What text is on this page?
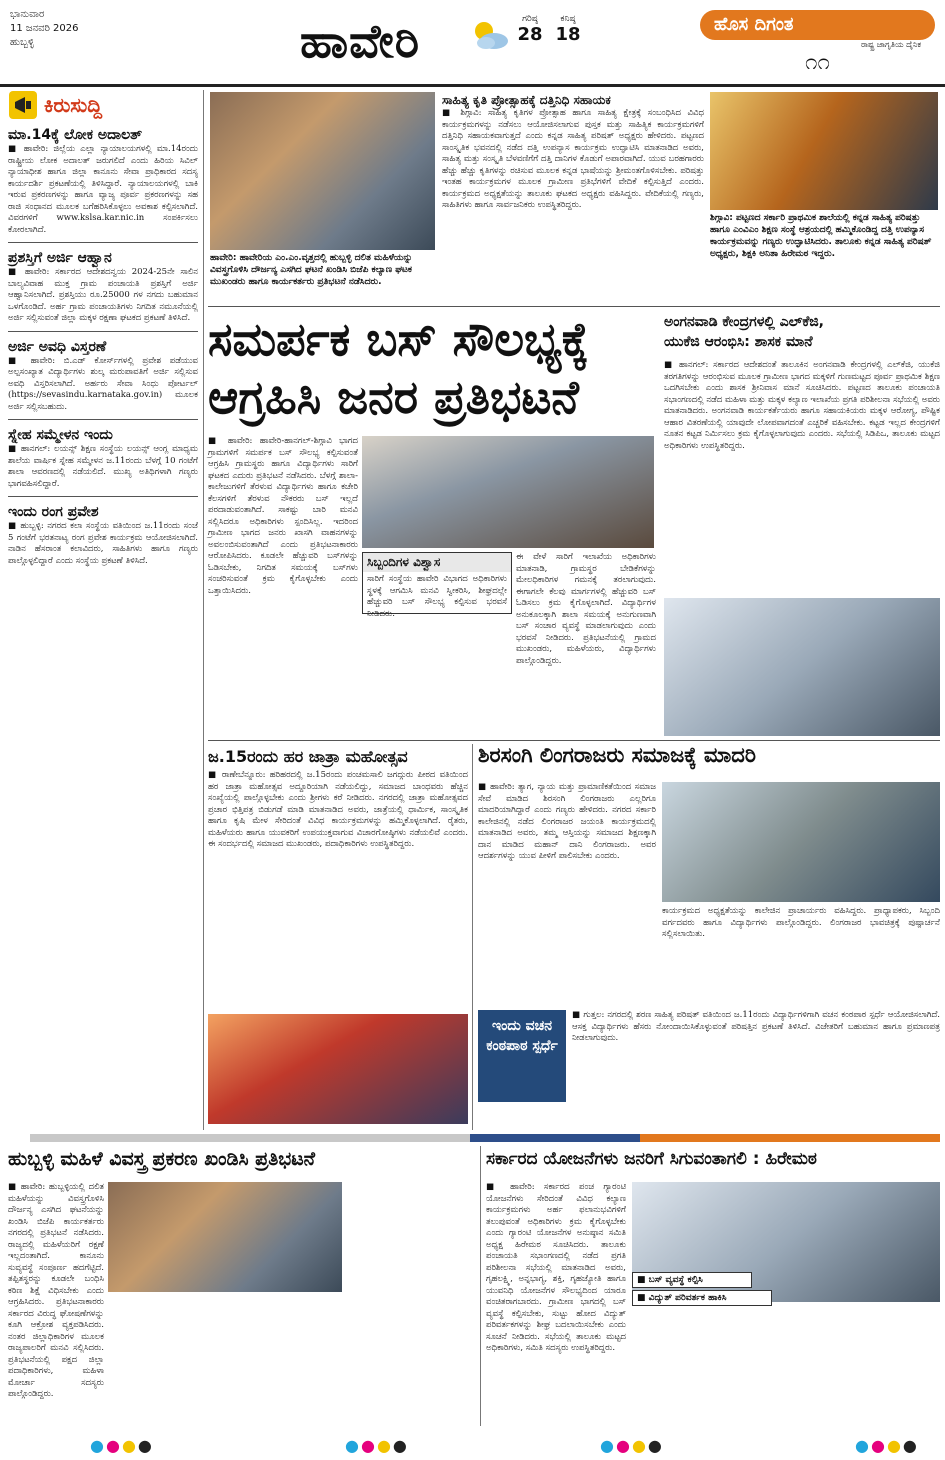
ಭಾನುವಾರ
11 ಜನವರಿ 2026
ಹುಬ್ಬಳ್ಳಿ	ಹಾವೇರಿ	ಗರಿಷ್ಠ
28
ಕನಿಷ್ಠ
18	ಹೊಸ ದಿಗಂತ
ರಾಷ್ಟ್ರ ಜಾಗೃತಿಯ ದೈನಿಕ
೧೧
ಕಿರುಸುದ್ದಿ
ಮಾ.14ಕ್ಕೆ ಲೋಕ ಅದಾಲತ್
■ ಹಾವೇರಿ: ಜಿಲ್ಲೆಯ ಎಲ್ಲಾ ನ್ಯಾಯಾಲಯಗಳಲ್ಲಿ ಮಾ.14ರಂದು ರಾಷ್ಟ್ರೀಯ ಲೋಕ ಅದಾಲತ್ ಜರುಗಲಿದೆ ಎಂದು ಹಿರಿಯ ಸಿವಿಲ್ ನ್ಯಾಯಾಧೀಶ ಹಾಗೂ ಜಿಲ್ಲಾ ಕಾನೂನು ಸೇವಾ ಪ್ರಾಧಿಕಾರದ ಸದಸ್ಯ ಕಾರ್ಯದರ್ಶಿ ಪ್ರಕಟಣೆಯಲ್ಲಿ ತಿಳಿಸಿದ್ದಾರೆ. ನ್ಯಾಯಾಲಯಗಳಲ್ಲಿ ಬಾಕಿ ಇರುವ ಪ್ರಕರಣಗಳನ್ನು ಹಾಗೂ ವ್ಯಾಜ್ಯ ಪೂರ್ವ ಪ್ರಕರಣಗಳನ್ನು ಸಹ ರಾಜಿ ಸಂಧಾನದ ಮೂಲಕ ಬಗೆಹರಿಸಿಕೊಳ್ಳಲು ಅವಕಾಶ ಕಲ್ಪಿಸಲಾಗಿದೆ. ವಿವರಗಳಿಗೆ www.kslsa.kar.nic.in ಸಂಪರ್ಕಿಸಲು ಕೋರಲಾಗಿದೆ.
ಪ್ರಶಸ್ತಿಗೆ ಅರ್ಜಿ ಆಹ್ವಾನ
■ ಹಾವೇರಿ: ಸರ್ಕಾರದ ಆದೇಶದನ್ವಯ 2024-25ನೇ ಸಾಲಿನ ಬಾಲ್ಯವಿವಾಹ ಮುಕ್ತ ಗ್ರಾಮ ಪಂಚಾಯತಿ ಪ್ರಶಸ್ತಿಗೆ ಅರ್ಜಿ ಆಹ್ವಾನಿಸಲಾಗಿದೆ. ಪ್ರಶಸ್ತಿಯು ರೂ.25000 ಗಳ ನಗದು ಬಹುಮಾನ ಒಳಗೊಂಡಿದೆ. ಅರ್ಹ ಗ್ರಾಮ ಪಂಚಾಯತಿಗಳು ನಿಗದಿತ ನಮೂನೆಯಲ್ಲಿ ಅರ್ಜಿ ಸಲ್ಲಿಸುವಂತೆ ಜಿಲ್ಲಾ ಮಕ್ಕಳ ರಕ್ಷಣಾ ಘಟಕದ ಪ್ರಕಟಣೆ ತಿಳಿಸಿದೆ.
ಅರ್ಜಿ ಅವಧಿ ವಿಸ್ತರಣೆ
■ ಹಾವೇರಿ: ಬಿ.ಎಡ್ ಕೋರ್ಸ್‌ಗಳಲ್ಲಿ ಪ್ರವೇಶ ಪಡೆಯುವ ಅಲ್ಪಸಂಖ್ಯಾತ ವಿದ್ಯಾರ್ಥಿಗಳು ಶುಲ್ಕ ಮರುಪಾವತಿಗೆ ಅರ್ಜಿ ಸಲ್ಲಿಸುವ ಅವಧಿ ವಿಸ್ತರಿಸಲಾಗಿದೆ. ಅರ್ಹರು ಸೇವಾ ಸಿಂಧು ಪೋರ್ಟಲ್ (https://sevasindu.karnataka.gov.in) ಮೂಲಕ ಅರ್ಜಿ ಸಲ್ಲಿಸಬಹುದು.
ಸ್ನೇಹ ಸಮ್ಮೇಳನ ಇಂದು
■ ಹಾನಗಲ್: ಲಯನ್ಸ್ ಶಿಕ್ಷಣ ಸಂಸ್ಥೆಯ ಲಯನ್ಸ್ ಆಂಗ್ಲ ಮಾಧ್ಯಮ ಶಾಲೆಯ ವಾರ್ಷಿಕ ಸ್ನೇಹ ಸಮ್ಮೇಳನ ಜ.11ರಂದು ಬೆಳಗ್ಗೆ 10 ಗಂಟೆಗೆ ಶಾಲಾ ಆವರಣದಲ್ಲಿ ನಡೆಯಲಿದೆ. ಮುಖ್ಯ ಅತಿಥಿಗಳಾಗಿ ಗಣ್ಯರು ಭಾಗವಹಿಸಲಿದ್ದಾರೆ.
ಇಂದು ರಂಗ ಪ್ರವೇಶ
■ ಹುಬ್ಬಳ್ಳಿ: ನಗರದ ಕಲಾ ಸಂಸ್ಥೆಯ ವತಿಯಿಂದ ಜ.11ರಂದು ಸಂಜೆ 5 ಗಂಟೆಗೆ ಭರತನಾಟ್ಯ ರಂಗ ಪ್ರವೇಶ ಕಾರ್ಯಕ್ರಮ ಆಯೋಜಿಸಲಾಗಿದೆ. ನಾಡಿನ ಹೆಸರಾಂತ ಕಲಾವಿದರು, ಸಾಹಿತಿಗಳು ಹಾಗೂ ಗಣ್ಯರು ಪಾಲ್ಗೊಳ್ಳಲಿದ್ದಾರೆ ಎಂದು ಸಂಸ್ಥೆಯ ಪ್ರಕಟಣೆ ತಿಳಿಸಿದೆ.
ಹಾವೇರಿ: ಹಾವೇರಿಯ ಎಂ.ಎಂ.ವೃತ್ತದಲ್ಲಿ ಹುಬ್ಬಳ್ಳಿ ದಲಿತ ಮಹಿಳೆಯನ್ನು ವಿವಸ್ತ್ರಗೊಳಿಸಿ ದೌರ್ಜನ್ಯ ಎಸಗಿದ ಘಟನೆ ಖಂಡಿಸಿ ಬಿಜೆಪಿ ಕಲ್ಯಾಣ ಘಟಕ ಮುಖಂಡರು ಹಾಗೂ ಕಾರ್ಯಕರ್ತರು ಪ್ರತಿಭಟನೆ ನಡೆಸಿದರು.
ಸಾಹಿತ್ಯ ಕೃತಿ ಪ್ರೋತ್ಸಾಹಕ್ಕೆ ದತ್ತಿನಿಧಿ ಸಹಾಯಕ
■ ಶಿಗ್ಗಾವಿ: ಸಾಹಿತ್ಯ ಕೃತಿಗಳ ಪ್ರೋತ್ಸಾಹ ಹಾಗೂ ಸಾಹಿತ್ಯ ಕ್ಷೇತ್ರಕ್ಕೆ ಸಂಬಂಧಿಸಿದ ವಿವಿಧ ಕಾರ್ಯಕ್ರಮಗಳನ್ನು ನಡೆಸಲು ಆಯೋಜಿಸಲಾಗುವ ಪುಸ್ತಕ ಮತ್ತು ಸಾಹಿತ್ಯಿಕ ಕಾರ್ಯಕ್ರಮಗಳಿಗೆ ದತ್ತಿನಿಧಿ ಸಹಾಯಕವಾಗುತ್ತದೆ ಎಂದು ಕನ್ನಡ ಸಾಹಿತ್ಯ ಪರಿಷತ್ ಅಧ್ಯಕ್ಷರು ಹೇಳಿದರು. ಪಟ್ಟಣದ ಸಾಂಸ್ಕೃತಿಕ ಭವನದಲ್ಲಿ ನಡೆದ ದತ್ತಿ ಉಪನ್ಯಾಸ ಕಾರ್ಯಕ್ರಮ ಉದ್ಘಾಟಿಸಿ ಮಾತನಾಡಿದ ಅವರು, ಸಾಹಿತ್ಯ ಮತ್ತು ಸಂಸ್ಕೃತಿ ಬೆಳವಣಿಗೆಗೆ ದತ್ತಿ ದಾನಿಗಳ ಕೊಡುಗೆ ಅಪಾರವಾಗಿದೆ. ಯುವ ಬರಹಗಾರರು ಹೆಚ್ಚು ಹೆಚ್ಚು ಕೃತಿಗಳನ್ನು ರಚಿಸುವ ಮೂಲಕ ಕನ್ನಡ ಭಾಷೆಯನ್ನು ಶ್ರೀಮಂತಗೊಳಿಸಬೇಕು. ಪರಿಷತ್ತು ಇಂತಹ ಕಾರ್ಯಕ್ರಮಗಳ ಮೂಲಕ ಗ್ರಾಮೀಣ ಪ್ರತಿಭೆಗಳಿಗೆ ವೇದಿಕೆ ಕಲ್ಪಿಸುತ್ತಿದೆ ಎಂದರು. ಕಾರ್ಯಕ್ರಮದ ಅಧ್ಯಕ್ಷತೆಯನ್ನು ತಾಲೂಕು ಘಟಕದ ಅಧ್ಯಕ್ಷರು ವಹಿಸಿದ್ದರು. ವೇದಿಕೆಯಲ್ಲಿ ಗಣ್ಯರು, ಸಾಹಿತಿಗಳು ಹಾಗೂ ಸಾರ್ವಜನಿಕರು ಉಪಸ್ಥಿತರಿದ್ದರು.
ಶಿಗ್ಗಾವಿ: ಪಟ್ಟಣದ ಸರ್ಕಾರಿ ಪ್ರಾಥಮಿಕ ಶಾಲೆಯಲ್ಲಿ ಕನ್ನಡ ಸಾಹಿತ್ಯ ಪರಿಷತ್ತು ಹಾಗೂ ಎಂವಿಎಂ ಶಿಕ್ಷಣ ಸಂಸ್ಥೆ ಆಶ್ರಯದಲ್ಲಿ ಹಮ್ಮಿಕೊಂಡಿದ್ದ ದತ್ತಿ ಉಪನ್ಯಾಸ ಕಾರ್ಯಕ್ರಮವನ್ನು ಗಣ್ಯರು ಉದ್ಘಾಟಿಸಿದರು. ತಾಲೂಕು ಕನ್ನಡ ಸಾಹಿತ್ಯ ಪರಿಷತ್ ಅಧ್ಯಕ್ಷರು, ಶಿಕ್ಷಕಿ ಅನಿತಾ ಹಿರೇಮಠ ಇದ್ದರು.
ಸಮರ್ಪಕ ಬಸ್ ಸೌಲಭ್ಯಕ್ಕೆ
ಆಗ್ರಹಿಸಿ ಜನರ ಪ್ರತಿಭಟನೆ
■ ಹಾವೇರಿ: ಹಾವೇರಿ-ಹಾನಗಲ್-ಶಿಗ್ಗಾವಿ ಭಾಗದ ಗ್ರಾಮಗಳಿಗೆ ಸಮರ್ಪಕ ಬಸ್ ಸೌಲಭ್ಯ ಕಲ್ಪಿಸುವಂತೆ ಆಗ್ರಹಿಸಿ ಗ್ರಾಮಸ್ಥರು ಹಾಗೂ ವಿದ್ಯಾರ್ಥಿಗಳು ಸಾರಿಗೆ ಘಟಕದ ಎದುರು ಪ್ರತಿಭಟನೆ ನಡೆಸಿದರು. ಬೆಳಗ್ಗೆ ಶಾಲಾ-ಕಾಲೇಜುಗಳಿಗೆ ತೆರಳುವ ವಿದ್ಯಾರ್ಥಿಗಳು ಹಾಗೂ ಕಚೇರಿ ಕೆಲಸಗಳಿಗೆ ತೆರಳುವ ನೌಕರರು ಬಸ್ ಇಲ್ಲದೆ ಪರದಾಡುವಂತಾಗಿದೆ. ಸಾಕಷ್ಟು ಬಾರಿ ಮನವಿ ಸಲ್ಲಿಸಿದರೂ ಅಧಿಕಾರಿಗಳು ಸ್ಪಂದಿಸಿಲ್ಲ. ಇದರಿಂದ ಗ್ರಾಮೀಣ ಭಾಗದ ಜನರು ಖಾಸಗಿ ವಾಹನಗಳನ್ನು ಅವಲಂಬಿಸುವಂತಾಗಿದೆ ಎಂದು ಪ್ರತಿಭಟನಾಕಾರರು ಆರೋಪಿಸಿದರು. ಕೂಡಲೇ ಹೆಚ್ಚುವರಿ ಬಸ್‌ಗಳನ್ನು ಓಡಿಸಬೇಕು, ನಿಗದಿತ ಸಮಯಕ್ಕೆ ಬಸ್‌ಗಳು ಸಂಚರಿಸುವಂತೆ ಕ್ರಮ ಕೈಗೊಳ್ಳಬೇಕು ಎಂದು ಒತ್ತಾಯಿಸಿದರು.
ಸಿಬ್ಬಂದಿಗಳ ವಿಶ್ವಾಸ
ಸಾರಿಗೆ ಸಂಸ್ಥೆಯ ಹಾವೇರಿ ವಿಭಾಗದ ಅಧಿಕಾರಿಗಳು ಸ್ಥಳಕ್ಕೆ ಆಗಮಿಸಿ ಮನವಿ ಸ್ವೀಕರಿಸಿ, ಶೀಘ್ರದಲ್ಲೇ ಹೆಚ್ಚುವರಿ ಬಸ್ ಸೌಲಭ್ಯ ಕಲ್ಪಿಸುವ ಭರವಸೆ ನೀಡಿದರು.
ಈ ವೇಳೆ ಸಾರಿಗೆ ಇಲಾಖೆಯ ಅಧಿಕಾರಿಗಳು ಮಾತನಾಡಿ, ಗ್ರಾಮಸ್ಥರ ಬೇಡಿಕೆಗಳನ್ನು ಮೇಲಧಿಕಾರಿಗಳ ಗಮನಕ್ಕೆ ತರಲಾಗುವುದು. ಈಗಾಗಲೇ ಕೆಲವು ಮಾರ್ಗಗಳಲ್ಲಿ ಹೆಚ್ಚುವರಿ ಬಸ್ ಓಡಿಸಲು ಕ್ರಮ ಕೈಗೊಳ್ಳಲಾಗಿದೆ. ವಿದ್ಯಾರ್ಥಿಗಳ ಅನುಕೂಲಕ್ಕಾಗಿ ಶಾಲಾ ಸಮಯಕ್ಕೆ ಅನುಗುಣವಾಗಿ ಬಸ್ ಸಂಚಾರ ವ್ಯವಸ್ಥೆ ಮಾಡಲಾಗುವುದು ಎಂದು ಭರವಸೆ ನೀಡಿದರು. ಪ್ರತಿಭಟನೆಯಲ್ಲಿ ಗ್ರಾಮದ ಮುಖಂಡರು, ಮಹಿಳೆಯರು, ವಿದ್ಯಾರ್ಥಿಗಳು ಪಾಲ್ಗೊಂಡಿದ್ದರು.
ಅಂಗನವಾಡಿ ಕೇಂದ್ರಗಳಲ್ಲಿ ಎಲ್‌ಕೆಜಿ,
ಯುಕೆಜಿ ಆರಂಭಿಸಿ: ಶಾಸಕ ಮಾನೆ
■ ಹಾನಗಲ್: ಸರ್ಕಾರದ ಆದೇಶದಂತೆ ತಾಲೂಕಿನ ಅಂಗನವಾಡಿ ಕೇಂದ್ರಗಳಲ್ಲಿ ಎಲ್‌ಕೆಜಿ, ಯುಕೆಜಿ ತರಗತಿಗಳನ್ನು ಆರಂಭಿಸುವ ಮೂಲಕ ಗ್ರಾಮೀಣ ಭಾಗದ ಮಕ್ಕಳಿಗೆ ಗುಣಮಟ್ಟದ ಪೂರ್ವ ಪ್ರಾಥಮಿಕ ಶಿಕ್ಷಣ ಒದಗಿಸಬೇಕು ಎಂದು ಶಾಸಕ ಶ್ರೀನಿವಾಸ ಮಾನೆ ಸೂಚಿಸಿದರು. ಪಟ್ಟಣದ ತಾಲೂಕು ಪಂಚಾಯತಿ ಸಭಾಂಗಣದಲ್ಲಿ ನಡೆದ ಮಹಿಳಾ ಮತ್ತು ಮಕ್ಕಳ ಕಲ್ಯಾಣ ಇಲಾಖೆಯ ಪ್ರಗತಿ ಪರಿಶೀಲನಾ ಸಭೆಯಲ್ಲಿ ಅವರು ಮಾತನಾಡಿದರು. ಅಂಗನವಾಡಿ ಕಾರ್ಯಕರ್ತೆಯರು ಹಾಗೂ ಸಹಾಯಕಿಯರು ಮಕ್ಕಳ ಆರೋಗ್ಯ, ಪೌಷ್ಟಿಕ ಆಹಾರ ವಿತರಣೆಯಲ್ಲಿ ಯಾವುದೇ ಲೋಪವಾಗದಂತೆ ಎಚ್ಚರಿಕೆ ವಹಿಸಬೇಕು. ಕಟ್ಟಡ ಇಲ್ಲದ ಕೇಂದ್ರಗಳಿಗೆ ನೂತನ ಕಟ್ಟಡ ನಿರ್ಮಿಸಲು ಕ್ರಮ ಕೈಗೊಳ್ಳಲಾಗುವುದು ಎಂದರು. ಸಭೆಯಲ್ಲಿ ಸಿಡಿಪಿಒ, ತಾಲೂಕು ಮಟ್ಟದ ಅಧಿಕಾರಿಗಳು ಉಪಸ್ಥಿತರಿದ್ದರು.
ಜ.15ರಂದು ಹರ ಜಾತ್ರಾ ಮಹೋತ್ಸವ
■ ರಾಣೇಬೆನ್ನೂರು: ಹರಿಹರದಲ್ಲಿ ಜ.15ರಂದು ಪಂಚಮಸಾಲಿ ಜಗದ್ಗುರು ಪೀಠದ ವತಿಯಿಂದ ಹರ ಜಾತ್ರಾ ಮಹೋತ್ಸವ ಅದ್ದೂರಿಯಾಗಿ ನಡೆಯಲಿದ್ದು, ಸಮಾಜದ ಬಾಂಧವರು ಹೆಚ್ಚಿನ ಸಂಖ್ಯೆಯಲ್ಲಿ ಪಾಲ್ಗೊಳ್ಳಬೇಕು ಎಂದು ಶ್ರೀಗಳು ಕರೆ ನೀಡಿದರು. ನಗರದಲ್ಲಿ ಜಾತ್ರಾ ಮಹೋತ್ಸವದ ಪ್ರಚಾರ ಭಿತ್ತಿಪತ್ರ ಬಿಡುಗಡೆ ಮಾಡಿ ಮಾತನಾಡಿದ ಅವರು, ಜಾತ್ರೆಯಲ್ಲಿ ಧಾರ್ಮಿಕ, ಸಾಂಸ್ಕೃತಿಕ ಹಾಗೂ ಕೃಷಿ ಮೇಳ ಸೇರಿದಂತೆ ವಿವಿಧ ಕಾರ್ಯಕ್ರಮಗಳನ್ನು ಹಮ್ಮಿಕೊಳ್ಳಲಾಗಿದೆ. ರೈತರು, ಮಹಿಳೆಯರು ಹಾಗೂ ಯುವಕರಿಗೆ ಉಪಯುಕ್ತವಾಗುವ ವಿಚಾರಗೋಷ್ಠಿಗಳು ನಡೆಯಲಿವೆ ಎಂದರು. ಈ ಸಂದರ್ಭದಲ್ಲಿ ಸಮಾಜದ ಮುಖಂಡರು, ಪದಾಧಿಕಾರಿಗಳು ಉಪಸ್ಥಿತರಿದ್ದರು.
ಶಿರಸಂಗಿ ಲಿಂಗರಾಜರು ಸಮಾಜಕ್ಕೆ ಮಾದರಿ
■ ಹಾವೇರಿ: ತ್ಯಾಗ, ನ್ಯಾಯ ಮತ್ತು ಪ್ರಾಮಾಣಿಕತೆಯಿಂದ ಸಮಾಜ ಸೇವೆ ಮಾಡಿದ ಶಿರಸಂಗಿ ಲಿಂಗರಾಜರು ಎಲ್ಲರಿಗೂ ಮಾದರಿಯಾಗಿದ್ದಾರೆ ಎಂದು ಗಣ್ಯರು ಹೇಳಿದರು. ನಗರದ ಸರ್ಕಾರಿ ಕಾಲೇಜಿನಲ್ಲಿ ನಡೆದ ಲಿಂಗರಾಜರ ಜಯಂತಿ ಕಾರ್ಯಕ್ರಮದಲ್ಲಿ ಮಾತನಾಡಿದ ಅವರು, ತಮ್ಮ ಆಸ್ತಿಯನ್ನು ಸಮಾಜದ ಶಿಕ್ಷಣಕ್ಕಾಗಿ ದಾನ ಮಾಡಿದ ಮಹಾನ್ ದಾನಿ ಲಿಂಗರಾಜರು. ಅವರ ಆದರ್ಶಗಳನ್ನು ಯುವ ಪೀಳಿಗೆ ಪಾಲಿಸಬೇಕು ಎಂದರು.
ಕಾರ್ಯಕ್ರಮದ ಅಧ್ಯಕ್ಷತೆಯನ್ನು ಕಾಲೇಜಿನ ಪ್ರಾಚಾರ್ಯರು ವಹಿಸಿದ್ದರು. ಪ್ರಾಧ್ಯಾಪಕರು, ಸಿಬ್ಬಂದಿ ವರ್ಗದವರು ಹಾಗೂ ವಿದ್ಯಾರ್ಥಿಗಳು ಪಾಲ್ಗೊಂಡಿದ್ದರು. ಲಿಂಗರಾಜರ ಭಾವಚಿತ್ರಕ್ಕೆ ಪುಷ್ಪಾರ್ಚನೆ ಸಲ್ಲಿಸಲಾಯಿತು.
ಇಂದು ವಚನ ಕಂಠಪಾಠ ಸ್ಪರ್ಧೆ
■ ಗುತ್ತಲ: ನಗರದಲ್ಲಿ ಶರಣ ಸಾಹಿತ್ಯ ಪರಿಷತ್ ವತಿಯಿಂದ ಜ.11ರಂದು ವಿದ್ಯಾರ್ಥಿಗಳಿಗಾಗಿ ವಚನ ಕಂಠಪಾಠ ಸ್ಪರ್ಧೆ ಆಯೋಜಿಸಲಾಗಿದೆ. ಆಸಕ್ತ ವಿದ್ಯಾರ್ಥಿಗಳು ಹೆಸರು ನೋಂದಾಯಿಸಿಕೊಳ್ಳುವಂತೆ ಪರಿಷತ್ತಿನ ಪ್ರಕಟಣೆ ತಿಳಿಸಿದೆ. ವಿಜೇತರಿಗೆ ಬಹುಮಾನ ಹಾಗೂ ಪ್ರಮಾಣಪತ್ರ ನೀಡಲಾಗುವುದು.
ಹುಬ್ಬಳ್ಳಿ ಮಹಿಳೆ ವಿವಸ್ತ್ರ ಪ್ರಕರಣ ಖಂಡಿಸಿ ಪ್ರತಿಭಟನೆ
■ ಹಾವೇರಿ: ಹುಬ್ಬಳ್ಳಿಯಲ್ಲಿ ದಲಿತ ಮಹಿಳೆಯನ್ನು ವಿವಸ್ತ್ರಗೊಳಿಸಿ ದೌರ್ಜನ್ಯ ಎಸಗಿದ ಘಟನೆಯನ್ನು ಖಂಡಿಸಿ ಬಿಜೆಪಿ ಕಾರ್ಯಕರ್ತರು ನಗರದಲ್ಲಿ ಪ್ರತಿಭಟನೆ ನಡೆಸಿದರು. ರಾಜ್ಯದಲ್ಲಿ ಮಹಿಳೆಯರಿಗೆ ರಕ್ಷಣೆ ಇಲ್ಲದಂತಾಗಿದೆ. ಕಾನೂನು ಸುವ್ಯವಸ್ಥೆ ಸಂಪೂರ್ಣ ಹದಗೆಟ್ಟಿದೆ. ತಪ್ಪಿತಸ್ಥರನ್ನು ಕೂಡಲೇ ಬಂಧಿಸಿ ಕಠಿಣ ಶಿಕ್ಷೆ ವಿಧಿಸಬೇಕು ಎಂದು ಆಗ್ರಹಿಸಿದರು. ಪ್ರತಿಭಟನಾಕಾರರು ಸರ್ಕಾರದ ವಿರುದ್ಧ ಘೋಷಣೆಗಳನ್ನು ಕೂಗಿ ಆಕ್ರೋಶ ವ್ಯಕ್ತಪಡಿಸಿದರು. ನಂತರ ಜಿಲ್ಲಾಧಿಕಾರಿಗಳ ಮೂಲಕ ರಾಜ್ಯಪಾಲರಿಗೆ ಮನವಿ ಸಲ್ಲಿಸಿದರು. ಪ್ರತಿಭಟನೆಯಲ್ಲಿ ಪಕ್ಷದ ಜಿಲ್ಲಾ ಪದಾಧಿಕಾರಿಗಳು, ಮಹಿಳಾ ಮೋರ್ಚಾ ಸದಸ್ಯರು ಪಾಲ್ಗೊಂಡಿದ್ದರು.
ಸರ್ಕಾರದ ಯೋಜನೆಗಳು ಜನರಿಗೆ ಸಿಗುವಂತಾಗಲಿ : ಹಿರೇಮಠ
■ ಹಾವೇರಿ: ಸರ್ಕಾರದ ಪಂಚ ಗ್ಯಾರಂಟಿ ಯೋಜನೆಗಳು ಸೇರಿದಂತೆ ವಿವಿಧ ಕಲ್ಯಾಣ ಕಾರ್ಯಕ್ರಮಗಳು ಅರ್ಹ ಫಲಾನುಭವಿಗಳಿಗೆ ತಲುಪುವಂತೆ ಅಧಿಕಾರಿಗಳು ಕ್ರಮ ಕೈಗೊಳ್ಳಬೇಕು ಎಂದು ಗ್ಯಾರಂಟಿ ಯೋಜನೆಗಳ ಅನುಷ್ಠಾನ ಸಮಿತಿ ಅಧ್ಯಕ್ಷ ಹಿರೇಮಠ ಸೂಚಿಸಿದರು. ತಾಲೂಕು ಪಂಚಾಯತಿ ಸಭಾಂಗಣದಲ್ಲಿ ನಡೆದ ಪ್ರಗತಿ ಪರಿಶೀಲನಾ ಸಭೆಯಲ್ಲಿ ಮಾತನಾಡಿದ ಅವರು, ಗೃಹಲಕ್ಷ್ಮಿ, ಅನ್ನಭಾಗ್ಯ, ಶಕ್ತಿ, ಗೃಹಜ್ಯೋತಿ ಹಾಗೂ ಯುವನಿಧಿ ಯೋಜನೆಗಳ ಸೌಲಭ್ಯದಿಂದ ಯಾರೂ ವಂಚಿತರಾಗಬಾರದು. ಗ್ರಾಮೀಣ ಭಾಗದಲ್ಲಿ ಬಸ್ ವ್ಯವಸ್ಥೆ ಕಲ್ಪಿಸಬೇಕು, ಸುಟ್ಟು ಹೋದ ವಿದ್ಯುತ್ ಪರಿವರ್ತಕಗಳನ್ನು ಶೀಘ್ರ ಬದಲಾಯಿಸಬೇಕು ಎಂದು ಸೂಚನೆ ನೀಡಿದರು. ಸಭೆಯಲ್ಲಿ ತಾಲೂಕು ಮಟ್ಟದ ಅಧಿಕಾರಿಗಳು, ಸಮಿತಿ ಸದಸ್ಯರು ಉಪಸ್ಥಿತರಿದ್ದರು.
■ ಬಸ್ ವ್ಯವಸ್ಥೆ ಕಲ್ಪಿಸಿ
■ ವಿದ್ಯುತ್ ಪರಿವರ್ತಕ ಹಾಕಿಸಿ
●●●●	●●●●	●●●●	●●●●
